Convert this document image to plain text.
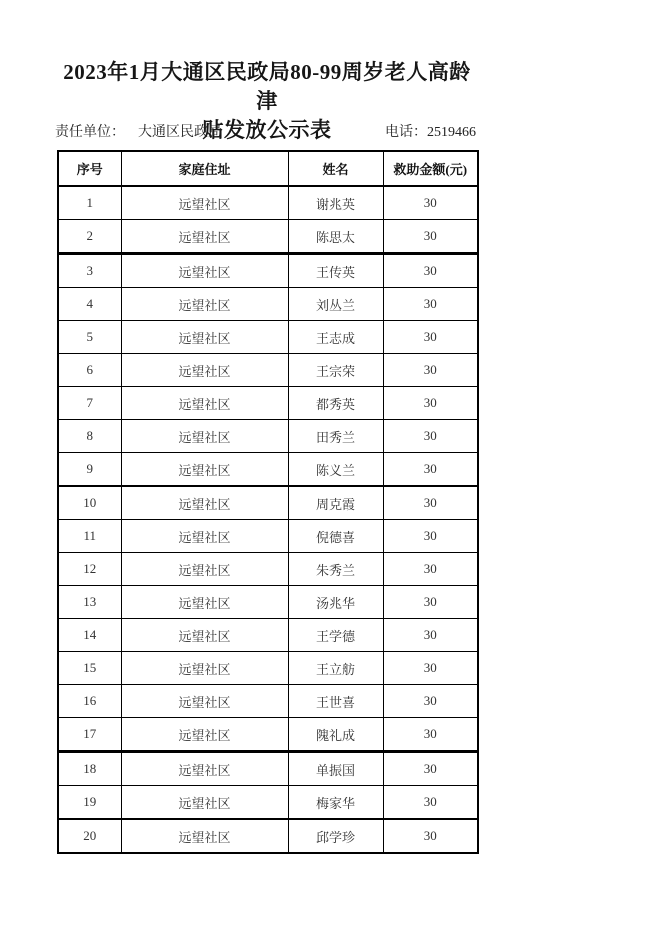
2023年1月大通区民政局80-99周岁老人高龄津
贴发放公示表
责任单位： 大通区民政局	电话：2519466
序号	家庭住址	姓名	救助金额(元)
1	远望社区	谢兆英	30
2	远望社区	陈思太	30
3	远望社区	王传英	30
4	远望社区	刘丛兰	30
5	远望社区	王志成	30
6	远望社区	王宗荣	30
7	远望社区	都秀英	30
8	远望社区	田秀兰	30
9	远望社区	陈义兰	30
10	远望社区	周克霞	30
11	远望社区	倪德喜	30
12	远望社区	朱秀兰	30
13	远望社区	汤兆华	30
14	远望社区	王学德	30
15	远望社区	王立舫	30
16	远望社区	王世喜	30
17	远望社区	隗礼成	30
18	远望社区	单振国	30
19	远望社区	梅家华	30
20	远望社区	邱学珍	30
